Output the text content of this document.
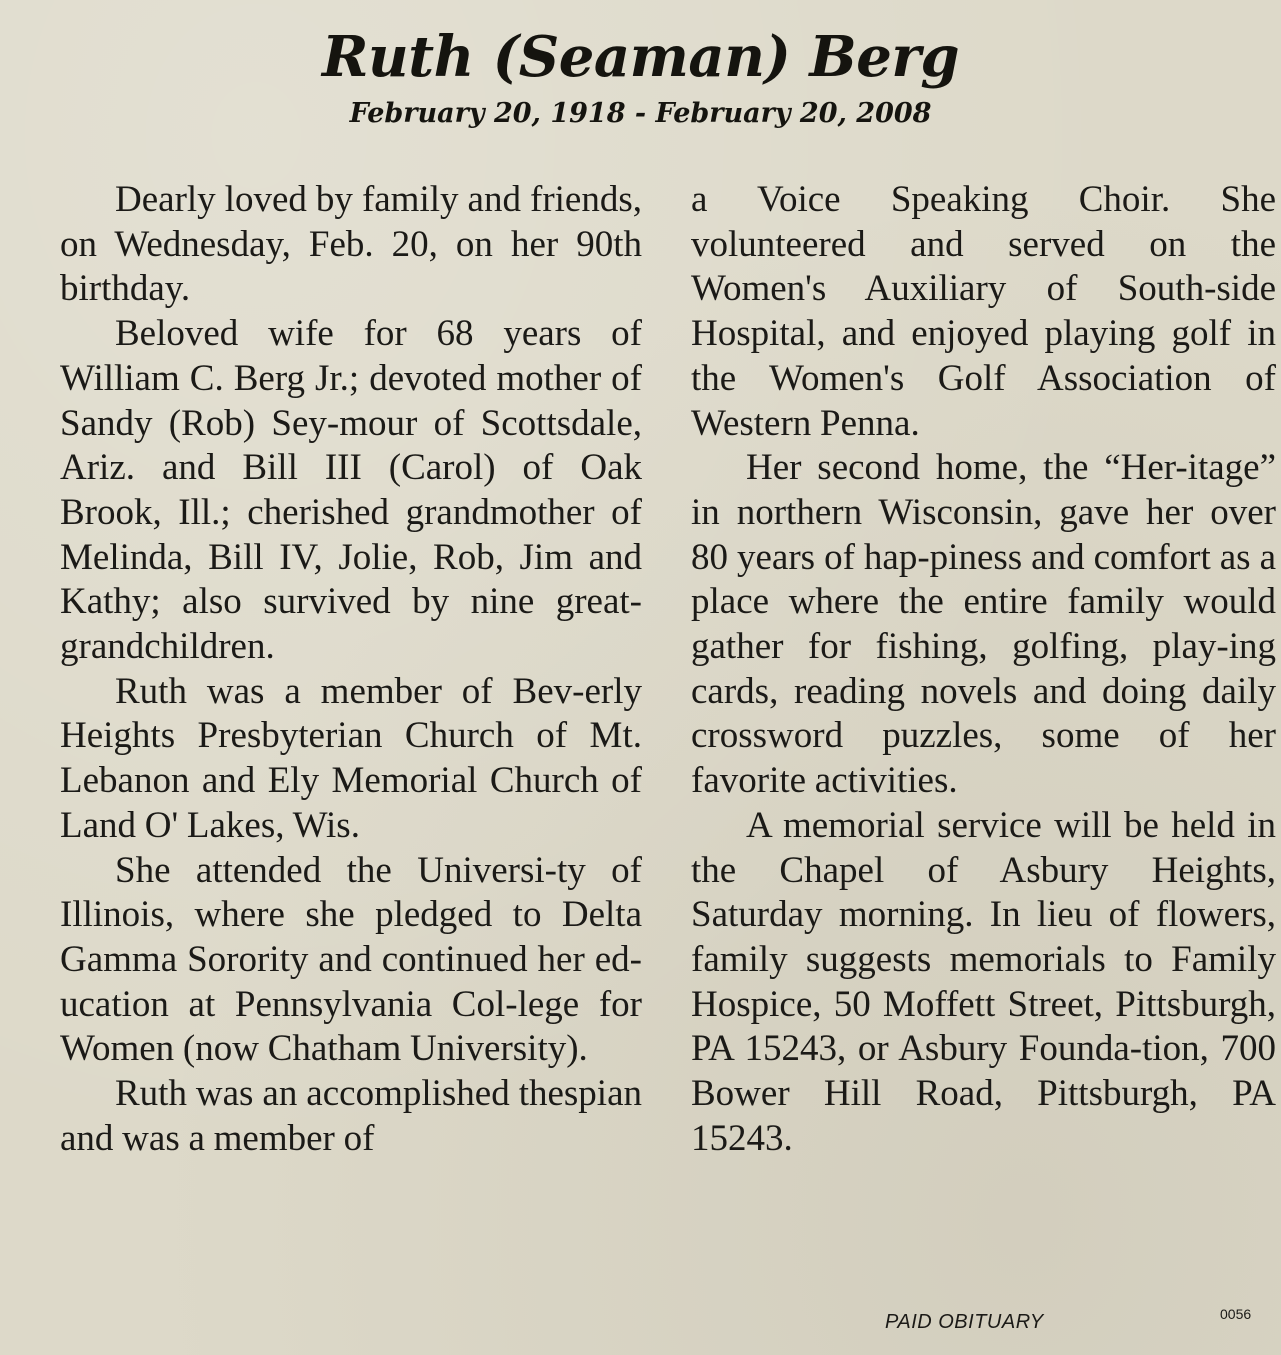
Ruth (Seaman) Berg
February 20, 1918 - February 20, 2008

Dearly loved by family and friends, on Wednesday, Feb. 20, on her 90th birthday.

Beloved wife for 68 years of William C. Berg Jr.; devoted mother of Sandy (Rob) Sey-mour of Scottsdale, Ariz. and Bill III (Carol) of Oak Brook, Ill.; cherished grandmother of Melinda, Bill IV, Jolie, Rob, Jim and Kathy; also survived by nine great-grandchildren.

Ruth was a member of Bev-erly Heights Presbyterian Church of Mt. Lebanon and Ely Memorial Church of Land O' Lakes, Wis.

She attended the Universi-ty of Illinois, where she pledged to Delta Gamma Sorority and continued her ed-ucation at Pennsylvania Col-lege for Women (now Chatham University).

Ruth was an accomplished thespian and was a member of

a Voice Speaking Choir. She volunteered and served on the Women's Auxiliary of South-side Hospital, and enjoyed playing golf in the Women's Golf Association of Western Penna.

Her second home, the “Her-itage” in northern Wisconsin, gave her over 80 years of hap-piness and comfort as a place where the entire family would gather for fishing, golfing, play-ing cards, reading novels and doing daily crossword puzzles, some of her favorite activities.

A memorial service will be held in the Chapel of Asbury Heights, Saturday morning. In lieu of flowers, family suggests memorials to Family Hospice, 50 Moffett Street, Pittsburgh, PA 15243, or Asbury Founda-tion, 700 Bower Hill Road, Pittsburgh, PA 15243.

PAID OBITUARY	0056
